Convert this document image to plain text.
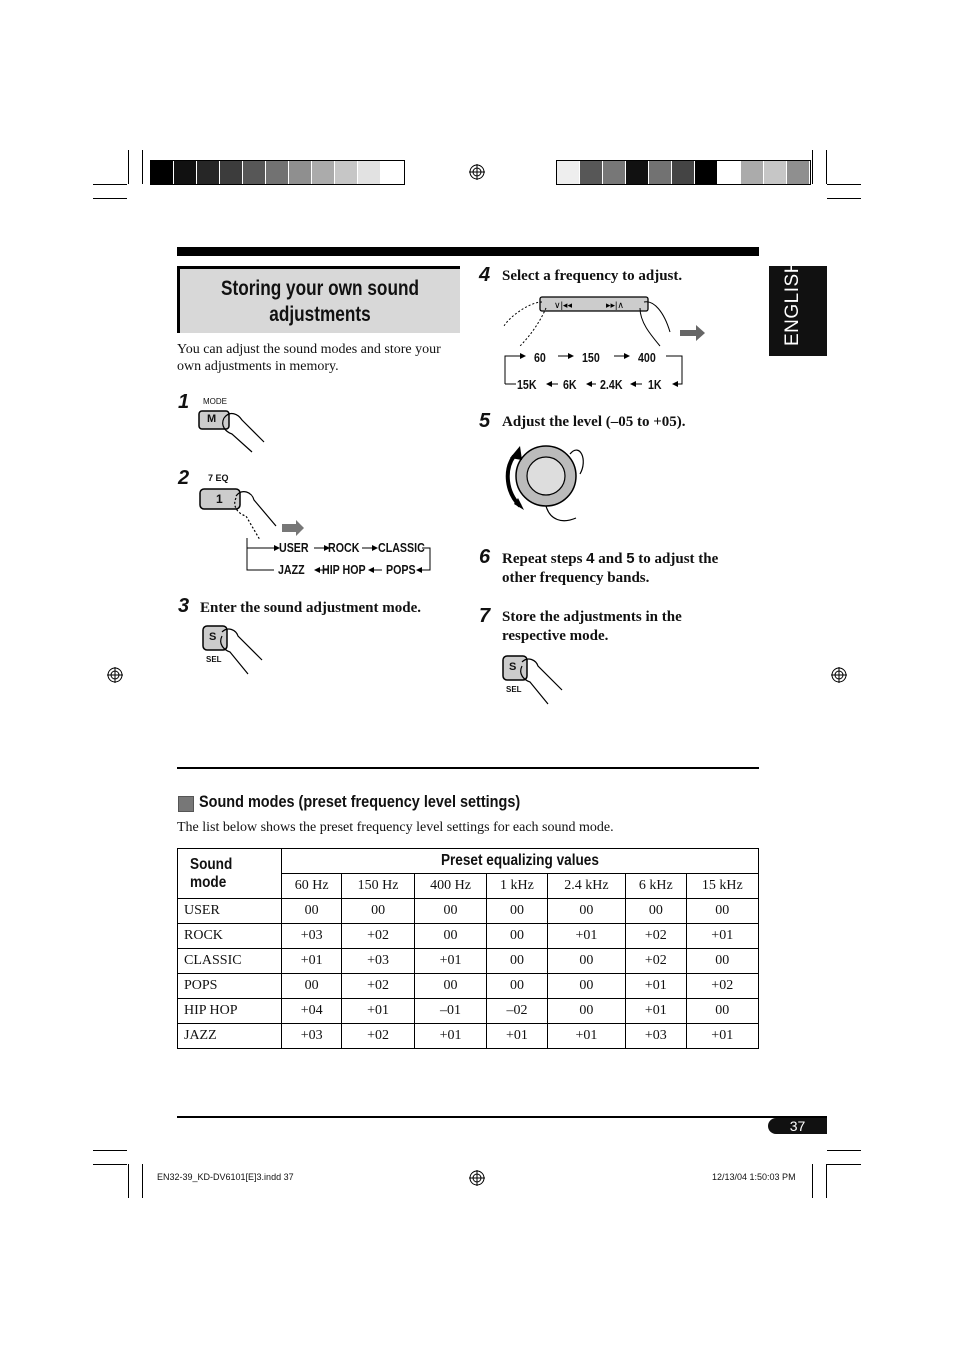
Storing your own sound
adjustments
You can adjust the sound modes and store your own adjustments in memory.
ENGLISH
1 MODE
M
2 7 EQ
1
USER ROCK CLASSIC
JAZZ HIP HOP POPS
3 Enter the sound adjustment mode.
S
SEL
4 Select a frequency to adjust.
∨|◂◂	▸▸|∧
60	150	400
15K 6K 2.4K 1K
5 Adjust the level (–05 to +05).
6 Repeat steps 4 and 5 to adjust the
other frequency bands.
7 Store the adjustments in the
respective mode.
S
SEL
Sound modes (preset frequency level settings)
The list below shows the preset frequency level settings for each sound mode.
Sound mode	Preset equalizing values						
	60 Hz	150 Hz	400 Hz	1 kHz	2.4 kHz	6 kHz	15 kHz
USER	00	00	00	00	00	00	00
ROCK	+03	+02	00	00	+01	+02	+01
CLASSIC	+01	+03	+01	00	00	+02	00
POPS	00	+02	00	00	00	+01	+02
HIP HOP	+04	+01	–01	–02	00	+01	00
JAZZ	+03	+02	+01	+01	+01	+03	+01
37
EN32-39_KD-DV6101[E]3.indd 37	12/13/04 1:50:03 PM
